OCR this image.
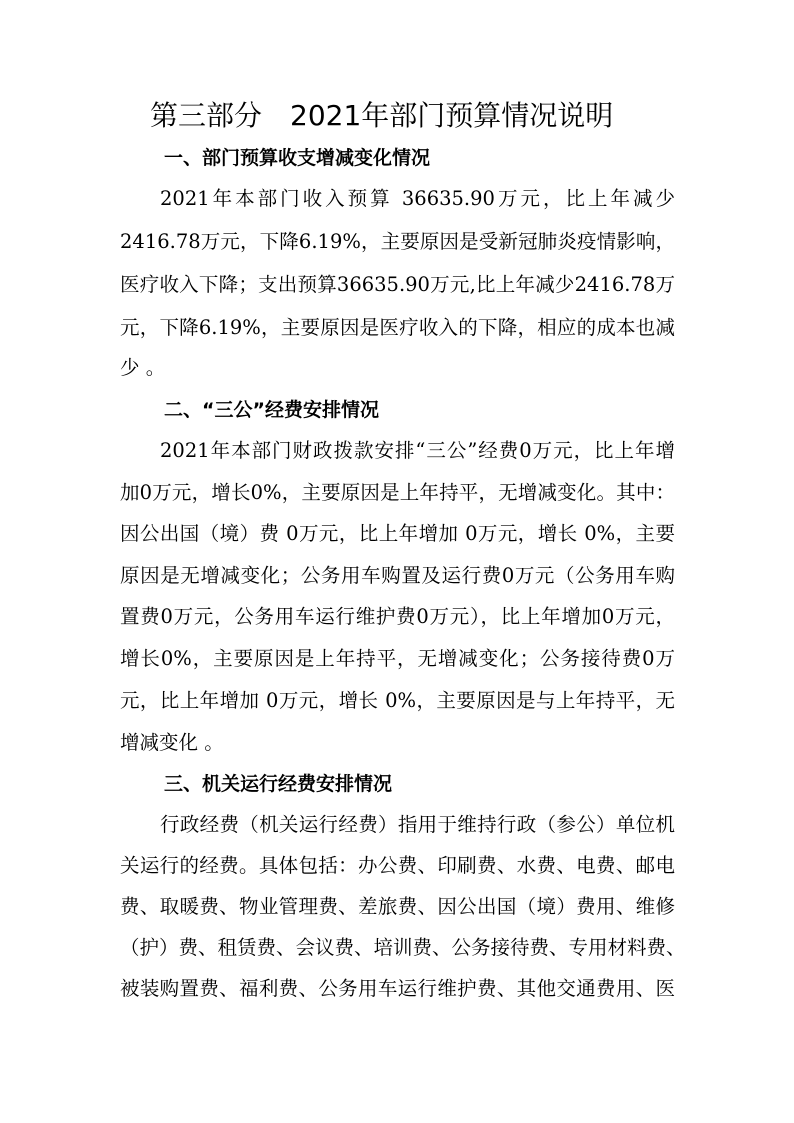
第三部分　2021年部门预算情况说明
一、部门预算收支增减变化情况
2021年本部门收入预算 36635.90万元，比上年减少
2416.78万元，下降6.19%，主要原因是受新冠肺炎疫情影响，
医疗收入下降；支出预算36635.90万元,比上年减少2416.78万
元，下降6.19%，主要原因是医疗收入的下降，相应的成本也减
少 。
二、“三公”经费安排情况
2021年本部门财政拨款安排“三公”经费0万元，比上年增
加0万元，增长0%，主要原因是上年持平，无增减变化。其中：
因公出国（境）费 0万元，比上年增加 0万元，增长 0%，主要
原因是无增减变化；公务用车购置及运行费0万元（公务用车购
置费0万元，公务用车运行维护费0万元），比上年增加0万元，
增长0%，主要原因是上年持平，无增减变化；公务接待费0万
元，比上年增加 0万元，增长 0%，主要原因是与上年持平，无
增减变化 。
三、机关运行经费安排情况
行政经费（机关运行经费）指用于维持行政（参公）单位机
关运行的经费。具体包括：办公费、印刷费、水费、电费、邮电
费、取暖费、物业管理费、差旅费、因公出国（境）费用、维修
（护）费、租赁费、会议费、培训费、公务接待费、专用材料费、
被装购置费、福利费、公务用车运行维护费、其他交通费用、医
